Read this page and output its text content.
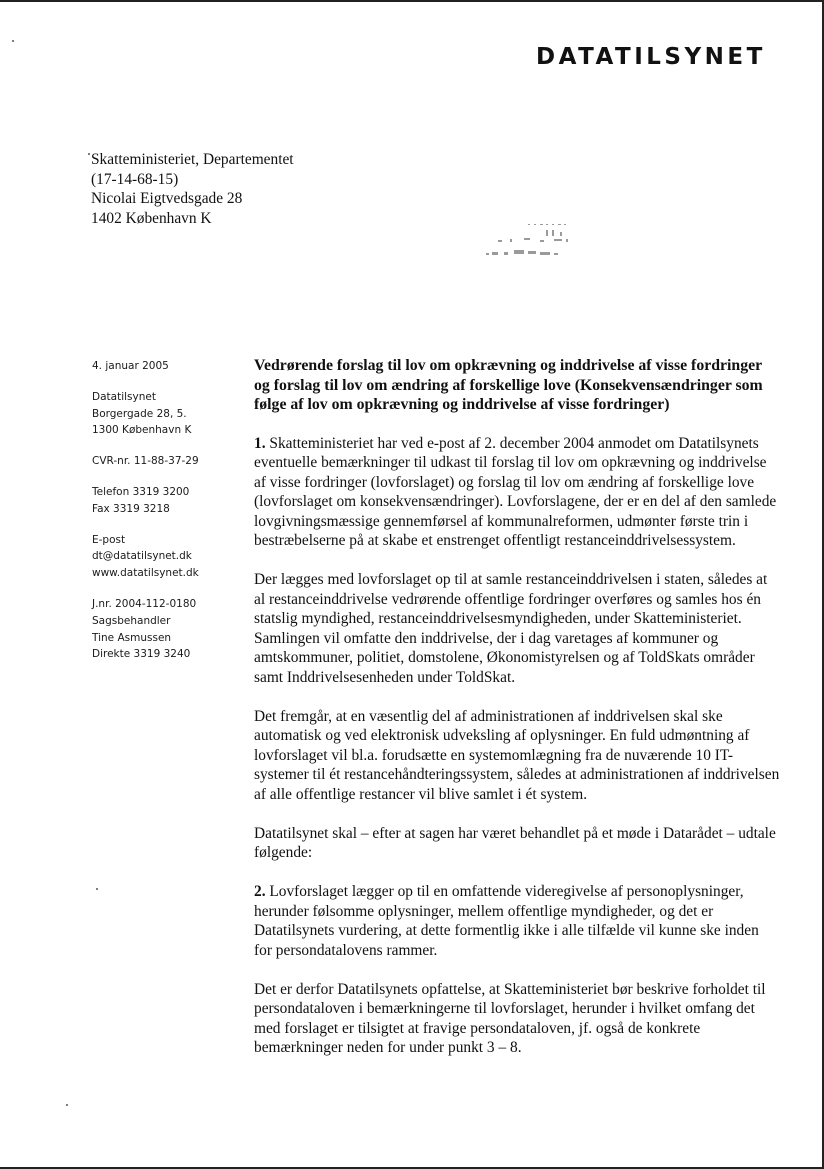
DATATILSYNET
Skatteministeriet, Departementet
(17-14-68-15)
Nicolai Eigtvedsgade 28
1402 København K
4. januar 2005
Datatilsynet
Borgergade 28, 5.
1300 København K
CVR-nr. 11-88-37-29
Telefon 3319 3200
Fax 3319 3218
E-post
dt@datatilsynet.dk
www.datatilsynet.dk
J.nr. 2004-112-0180
Sagsbehandler
Tine Asmussen
Direkte 3319 3240
Vedrørende forslag til lov om opkrævning og inddrivelse af visse fordringer og forslag til lov om ændring af forskellige love (Konsekvensændringer som følge af lov om opkrævning og inddrivelse af visse fordringer)

1. Skatteministeriet har ved e-post af 2. december 2004 anmodet om Datatilsynets eventuelle bemærkninger til udkast til forslag til lov om opkrævning og inddrivelse af visse fordringer (lovforslaget) og forslag til lov om ændring af forskellige love (lovforslaget om konsekvensændringer). Lovforslagene, der er en del af den samlede lovgivningsmæssige gennemførsel af kommunalreformen, udmønter første trin i bestræbelserne på at skabe et enstrenget offentligt restanceinddrivelsessystem.

Der lægges med lovforslaget op til at samle restanceinddrivelsen i staten, således at al restanceinddrivelse vedrørende offentlige fordringer overføres og samles hos én statslig myndighed, restanceinddrivelsesmyndigheden, under Skatteministeriet. Samlingen vil omfatte den inddrivelse, der i dag varetages af kommuner og amtskommuner, politiet, domstolene, Økonomistyrelsen og af ToldSkats områder samt Inddrivelsesenheden under ToldSkat.

Det fremgår, at en væsentlig del af administrationen af inddrivelsen skal ske automatisk og ved elektronisk udveksling af oplysninger. En fuld udmøntning af lovforslaget vil bl.a. forudsætte en systemomlægning fra de nuværende 10 IT-systemer til ét restancehåndteringssystem, således at administrationen af inddrivelsen af alle offentlige restancer vil blive samlet i ét system.

Datatilsynet skal – efter at sagen har været behandlet på et møde i Datarådet – udtale følgende:

2. Lovforslaget lægger op til en omfattende videregivelse af personoplysninger, herunder følsomme oplysninger, mellem offentlige myndigheder, og det er Datatilsynets vurdering, at dette formentlig ikke i alle tilfælde vil kunne ske inden for persondatalovens rammer.

Det er derfor Datatilsynets opfattelse, at Skatteministeriet bør beskrive forholdet til persondataloven i bemærkningerne til lovforslaget, herunder i hvilket omfang det med forslaget er tilsigtet at fravige persondataloven, jf. også de konkrete bemærkninger neden for under punkt 3 – 8.
